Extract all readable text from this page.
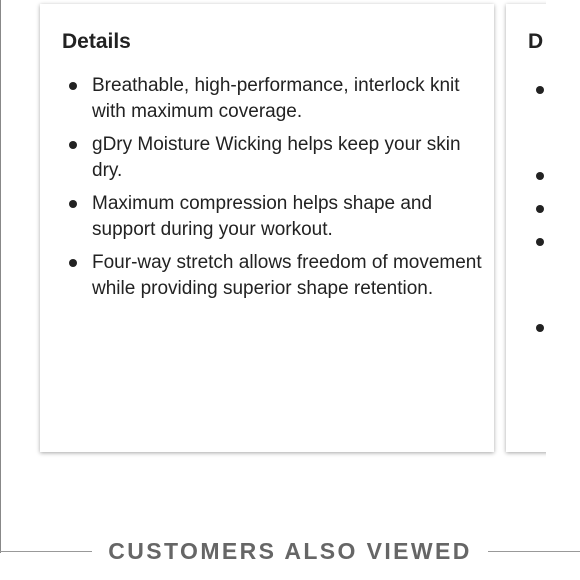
Details
Breathable, high-performance, interlock knit with maximum coverage.
gDry Moisture Wicking helps keep your skin dry.
Maximum compression helps shape and support during your workout.
Four-way stretch allows freedom of movement while providing superior shape retention.
D
CUSTOMERS ALSO VIEWED
